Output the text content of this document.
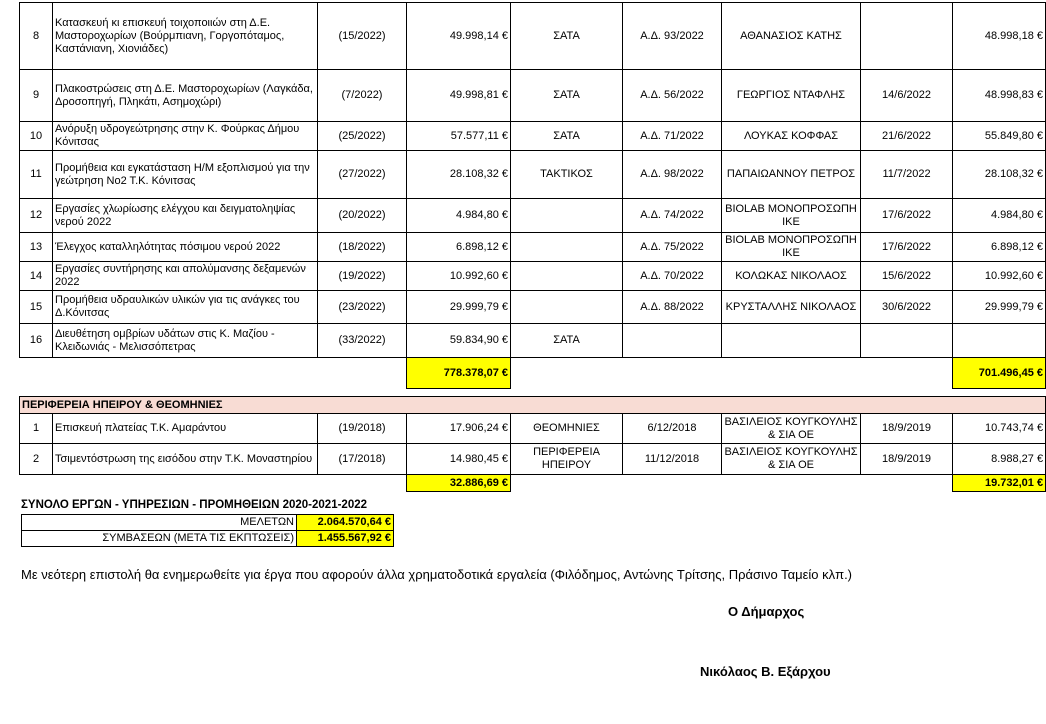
8	Κατασκευή κι επισκευή τοιχοποιιών στη Δ.Ε. Μαστοροχωρίων (Βούρμπιανη, Γοργοπόταμος, Καστάνιανη, Χιονιάδες)	(15/2022)	49.998,14 €	ΣΑΤΑ	Α.Δ. 93/2022	ΑΘΑΝΑΣΙΟΣ ΚΑΤΗΣ		48.998,18 €
9	Πλακοστρώσεις στη Δ.Ε. Μαστοροχωρίων (Λαγκάδα, Δροσοπηγή, Πληκάτι, Ασημοχώρι)	(7/2022)	49.998,81 €	ΣΑΤΑ	Α.Δ. 56/2022	ΓΕΩΡΓΙΟΣ ΝΤΑΦΛΗΣ	14/6/2022	48.998,83 €
10	Ανόρυξη υδρογεώτρησης στην Κ. Φούρκας Δήμου Κόνιτσας	(25/2022)	57.577,11 €	ΣΑΤΑ	Α.Δ. 71/2022	ΛΟΥΚΑΣ ΚΟΦΦΑΣ	21/6/2022	55.849,80 €
11	Προμήθεια και εγκατάσταση Η/Μ εξοπλισμού για την γεώτρηση Νο2 Τ.Κ. Κόνιτσας	(27/2022)	28.108,32 €	ΤΑΚΤΙΚΟΣ	Α.Δ. 98/2022	ΠΑΠΑΙΩΑΝΝΟΥ ΠΕΤΡΟΣ	11/7/2022	28.108,32 €
12	Εργασίες χλωρίωσης ελέγχου και δειγματοληψίας νερού 2022	(20/2022)	4.984,80 €		Α.Δ. 74/2022	BIOLAB ΜΟΝΟΠΡΟΣΩΠΗ ΙΚΕ	17/6/2022	4.984,80 €
13	Έλεγχος καταλληλότητας πόσιμου νερού 2022	(18/2022)	6.898,12 €		Α.Δ. 75/2022	BIOLAB ΜΟΝΟΠΡΟΣΩΠΗ ΙΚΕ	17/6/2022	6.898,12 €
14	Εργασίες συντήρησης και απολύμανσης δεξαμενών 2022	(19/2022)	10.992,60 €		Α.Δ. 70/2022	ΚΟΛΩΚΑΣ ΝΙΚΟΛΑΟΣ	15/6/2022	10.992,60 €
15	Προμήθεια υδραυλικών υλικών για τις ανάγκες του Δ.Κόνιτσας	(23/2022)	29.999,79 €		Α.Δ. 88/2022	ΚΡΥΣΤΑΛΛΗΣ ΝΙΚΟΛΑΟΣ	30/6/2022	29.999,79 €
16	Διευθέτηση ομβρίων υδάτων στις Κ. Μαζίου - Κλειδωνιάς - Μελισσόπετρας	(33/2022)	59.834,90 €	ΣΑΤΑ				
			778.378,07 €					701.496,45 €
ΠΕΡΙΦΕΡΕΙΑ ΗΠΕΙΡΟΥ & ΘΕΟΜΗΝΙΕΣ								
1	Επισκευή πλατείας Τ.Κ. Αμαράντου	(19/2018)	17.906,24 €	ΘΕΟΜΗΝΙΕΣ	6/12/2018	ΒΑΣΙΛΕΙΟΣ ΚΟΥΓΚΟΥΛΗΣ & ΣΙΑ ΟΕ	18/9/2019	10.743,74 €
2	Τσιμεντόστρωση της εισόδου στην Τ.Κ. Μοναστηρίου	(17/2018)	14.980,45 €	ΠΕΡΙΦΕΡΕΙΑ ΗΠΕΙΡΟΥ	11/12/2018	ΒΑΣΙΛΕΙΟΣ ΚΟΥΓΚΟΥΛΗΣ & ΣΙΑ ΟΕ	18/9/2019	8.988,27 €
			32.886,69 €					19.732,01 €
ΣΥΝΟΛΟ ΕΡΓΩΝ - ΥΠΗΡΕΣΙΩΝ - ΠΡΟΜΗΘΕΙΩΝ 2020-2021-2022
ΜΕΛΕΤΩΝ	2.064.570,64 €
ΣΥΜΒΑΣΕΩΝ (ΜΕΤΑ ΤΙΣ ΕΚΠΤΩΣΕΙΣ)	1.455.567,92 €
Με νεότερη επιστολή θα ενημερωθείτε για έργα που αφορούν άλλα χρηματοδοτικά εργαλεία (Φιλόδημος, Αντώνης Τρίτσης, Πράσινο Ταμείο κλπ.)
Ο Δήμαρχος
Νικόλαος Β. Εξάρχου
